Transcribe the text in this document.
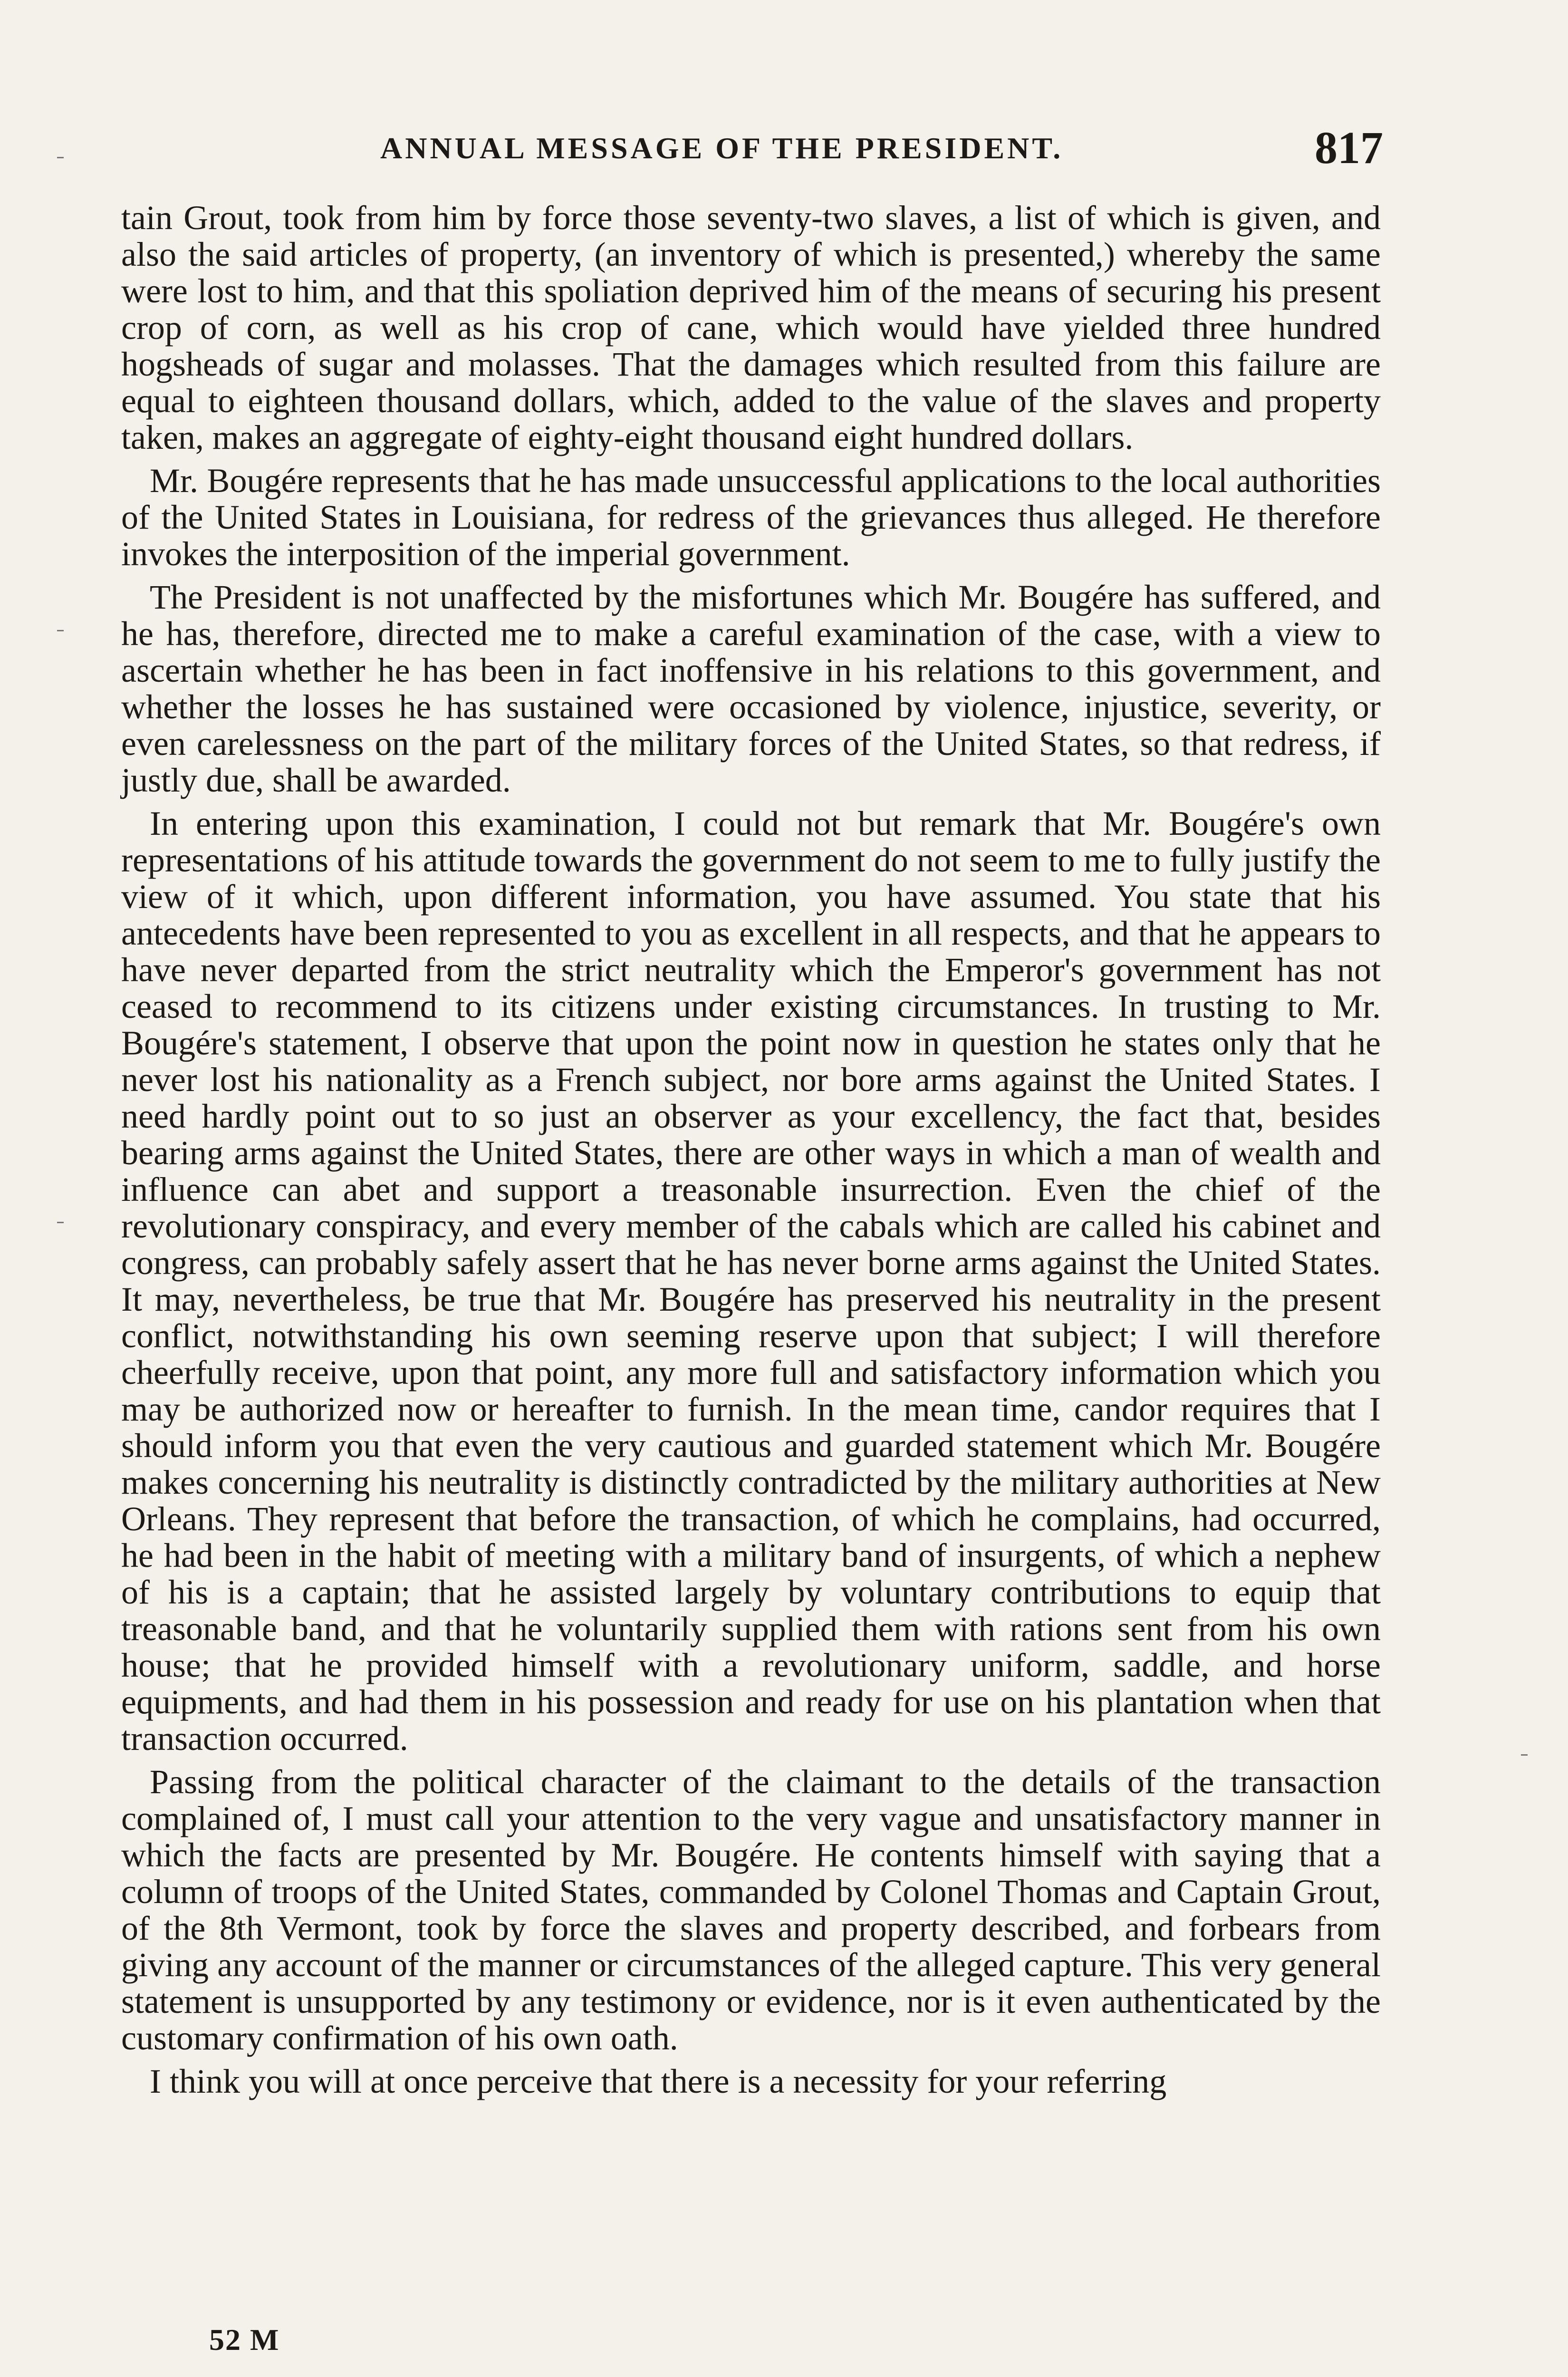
ANNUAL MESSAGE OF THE PRESIDENT.	817

tain Grout, took from him by force those seventy-two slaves, a list of which is given, and also the said articles of property, (an inventory of which is presented,) whereby the same were lost to him, and that this spoliation deprived him of the means of securing his present crop of corn, as well as his crop of cane, which would have yielded three hundred hogsheads of sugar and molasses. That the damages which resulted from this failure are equal to eighteen thousand dollars, which, added to the value of the slaves and property taken, makes an aggregate of eighty-eight thousand eight hundred dollars.

Mr. Bougére represents that he has made unsuccessful applications to the local authorities of the United States in Louisiana, for redress of the grievances thus alleged. He therefore invokes the interposition of the imperial government.

The President is not unaffected by the misfortunes which Mr. Bougére has suffered, and he has, therefore, directed me to make a careful examination of the case, with a view to ascertain whether he has been in fact inoffensive in his relations to this government, and whether the losses he has sustained were occasioned by violence, injustice, severity, or even carelessness on the part of the military forces of the United States, so that redress, if justly due, shall be awarded.

In entering upon this examination, I could not but remark that Mr. Bougére's own representations of his attitude towards the government do not seem to me to fully justify the view of it which, upon different information, you have assumed. You state that his antecedents have been represented to you as excellent in all respects, and that he appears to have never departed from the strict neutrality which the Emperor's government has not ceased to recommend to its citizens under existing circumstances. In trusting to Mr. Bougére's statement, I observe that upon the point now in question he states only that he never lost his nationality as a French subject, nor bore arms against the United States. I need hardly point out to so just an observer as your excellency, the fact that, besides bearing arms against the United States, there are other ways in which a man of wealth and influence can abet and support a treasonable insurrection. Even the chief of the revolutionary conspiracy, and every member of the cabals which are called his cabinet and congress, can probably safely assert that he has never borne arms against the United States. It may, nevertheless, be true that Mr. Bougére has preserved his neutrality in the present conflict, notwithstanding his own seeming reserve upon that subject; I will therefore cheerfully receive, upon that point, any more full and satisfactory information which you may be authorized now or hereafter to furnish. In the mean time, candor requires that I should inform you that even the very cautious and guarded statement which Mr. Bougére makes concerning his neutrality is distinctly contradicted by the military authorities at New Orleans. They represent that before the transaction, of which he complains, had occurred, he had been in the habit of meeting with a military band of insurgents, of which a nephew of his is a captain; that he assisted largely by voluntary contributions to equip that treasonable band, and that he voluntarily supplied them with rations sent from his own house; that he provided himself with a revolutionary uniform, saddle, and horse equipments, and had them in his possession and ready for use on his plantation when that transaction occurred.

Passing from the political character of the claimant to the details of the transaction complained of, I must call your attention to the very vague and unsatisfactory manner in which the facts are presented by Mr. Bougére. He contents himself with saying that a column of troops of the United States, commanded by Colonel Thomas and Captain Grout, of the 8th Vermont, took by force the slaves and property described, and forbears from giving any account of the manner or circumstances of the alleged capture. This very general statement is unsupported by any testimony or evidence, nor is it even authenticated by the customary confirmation of his own oath.

I think you will at once perceive that there is a necessity for your referring

52 M
